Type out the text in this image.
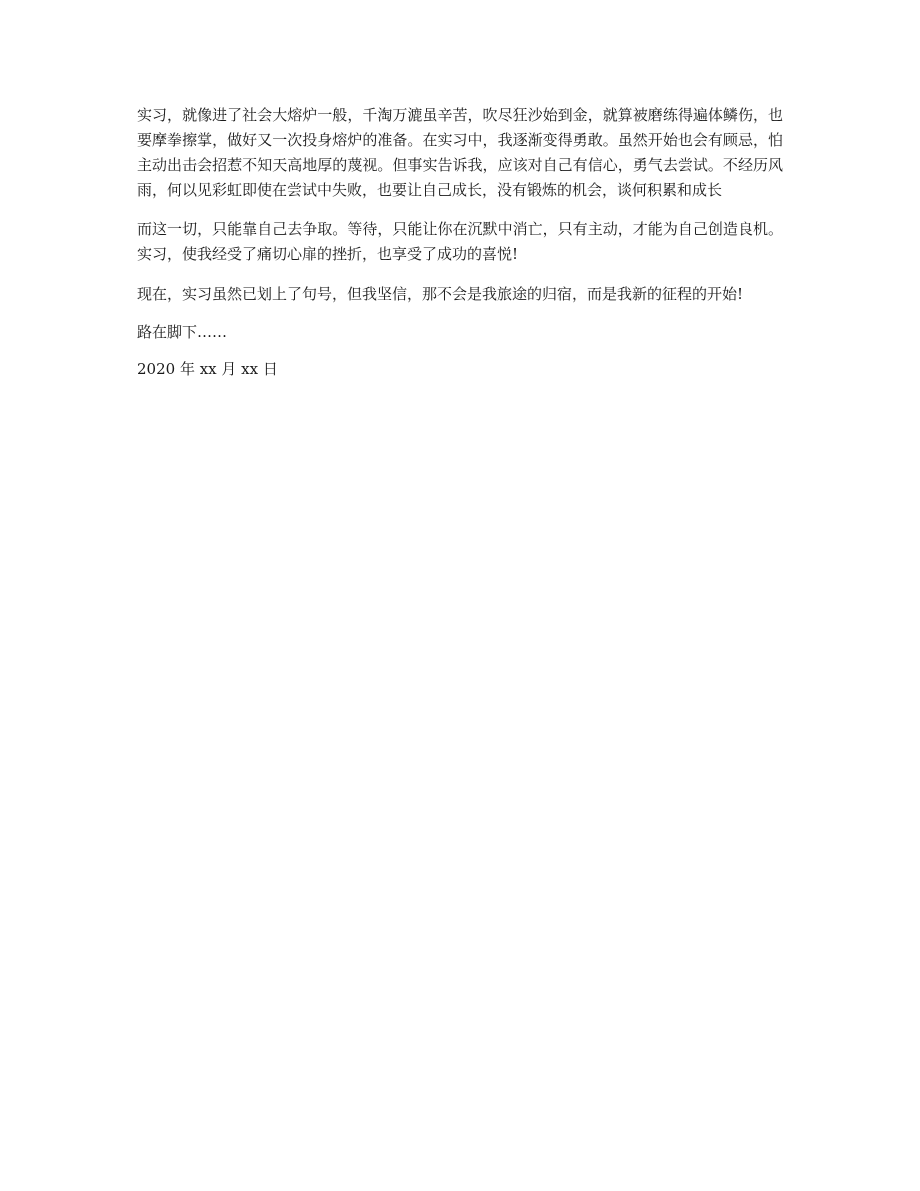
实习，就像进了社会大熔炉一般，千淘万漉虽辛苦，吹尽狂沙始到金，就算被磨练得遍体鳞伤，也要摩拳擦掌，做好又一次投身熔炉的准备。在实习中，我逐渐变得勇敢。虽然开始也会有顾忌，怕主动出击会招惹不知天高地厚的蔑视。但事实告诉我，应该对自己有信心，勇气去尝试。不经历风雨，何以见彩虹即使在尝试中失败，也要让自己成长，没有锻炼的机会，谈何积累和成长

而这一切，只能靠自己去争取。等待，只能让你在沉默中消亡，只有主动，才能为自己创造良机。实习，使我经受了痛切心扉的挫折，也享受了成功的喜悦!

现在，实习虽然已划上了句号，但我坚信，那不会是我旅途的归宿，而是我新的征程的开始!

路在脚下……

2020 年 xx 月 xx 日
